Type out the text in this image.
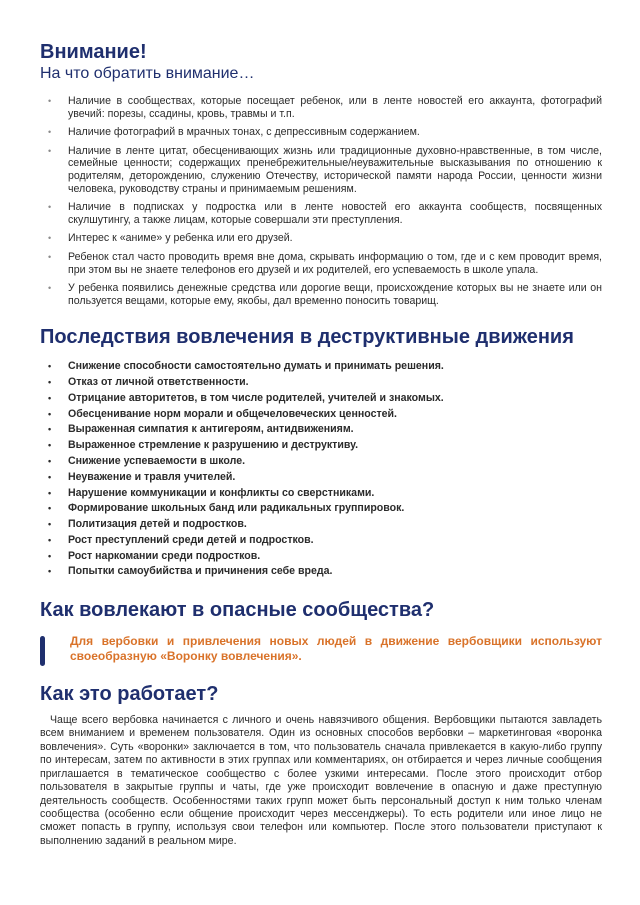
Внимание!

На что обратить внимание…

• Наличие в сообществах, которые посещает ребенок, или в ленте новостей его аккаунта, фотографий увечий: порезы, ссадины, кровь, травмы и т.п.
• Наличие фотографий в мрачных тонах, с депрессивным содержанием.
• Наличие в ленте цитат, обесценивающих жизнь или традиционные духовно-нравственные, в том числе, семейные ценности; содержащих пренебрежительные/неуважительные высказывания по отношению к родителям, деторождению, служению Отечеству, исторической памяти народа России, ценности жизни человека, руководству страны и принимаемым решениям.
• Наличие в подписках у подростка или в ленте новостей его аккаунта сообществ, посвященных скулшутингу, а также лицам, которые совершали эти преступления.
• Интерес к «аниме» у ребенка или его друзей.
• Ребенок стал часто проводить время вне дома, скрывать информацию о том, где и с кем проводит время, при этом вы не знаете телефонов его друзей и их родителей, его успеваемость в школе упала.
• У ребенка появились денежные средства или дорогие вещи, происхождение которых вы не знаете или он пользуется вещами, которые ему, якобы, дал временно поносить товарищ.
Последствия вовлечения в деструктивные движения
• Снижение способности самостоятельно думать и принимать решения.
• Отказ от личной ответственности.
• Отрицание авторитетов, в том числе родителей, учителей и знакомых.
• Обесценивание норм морали и общечеловеческих ценностей.
• Выраженная симпатия к антигероям, антидвижениям.
• Выраженное стремление к разрушению и деструктиву.
• Снижение успеваемости в школе.
• Неуважение и травля учителей.
• Нарушение коммуникации и конфликты со сверстниками.
• Формирование школьных банд или радикальных группировок.
• Политизация детей и подростков.
• Рост преступлений среди детей и подростков.
• Рост наркомании среди подростков.
• Попытки самоубийства и причинения себе вреда.
Как вовлекают в опасные сообщества?

Для вербовки и привлечения новых людей в движение вербовщики используют своеобразную «Воронку вовлечения».

Как это работает?

Чаще всего вербовка начинается с личного и очень навязчивого общения. Вербовщики пытаются завладеть всем вниманием и временем пользователя. Один из основных способов вербовки – маркетинговая «воронка вовлечения». Суть «воронки» заключается в том, что пользователь сначала привлекается в какую-либо группу по интересам, затем по активности в этих группах или комментариях, он отбирается и через личные сообщения приглашается в тематическое сообщество с более узкими интересами. После этого происходит отбор пользователя в закрытые группы и чаты, где уже происходит вовлечение в опасную и даже преступную деятельность сообществ. Особенностями таких групп может быть персональный доступ к ним только членам сообщества (особенно если общение происходит через мессенджеры). То есть родители или иное лицо не сможет попасть в группу, используя свои телефон или компьютер. После этого пользователи приступают к выполнению заданий в реальном мире.
